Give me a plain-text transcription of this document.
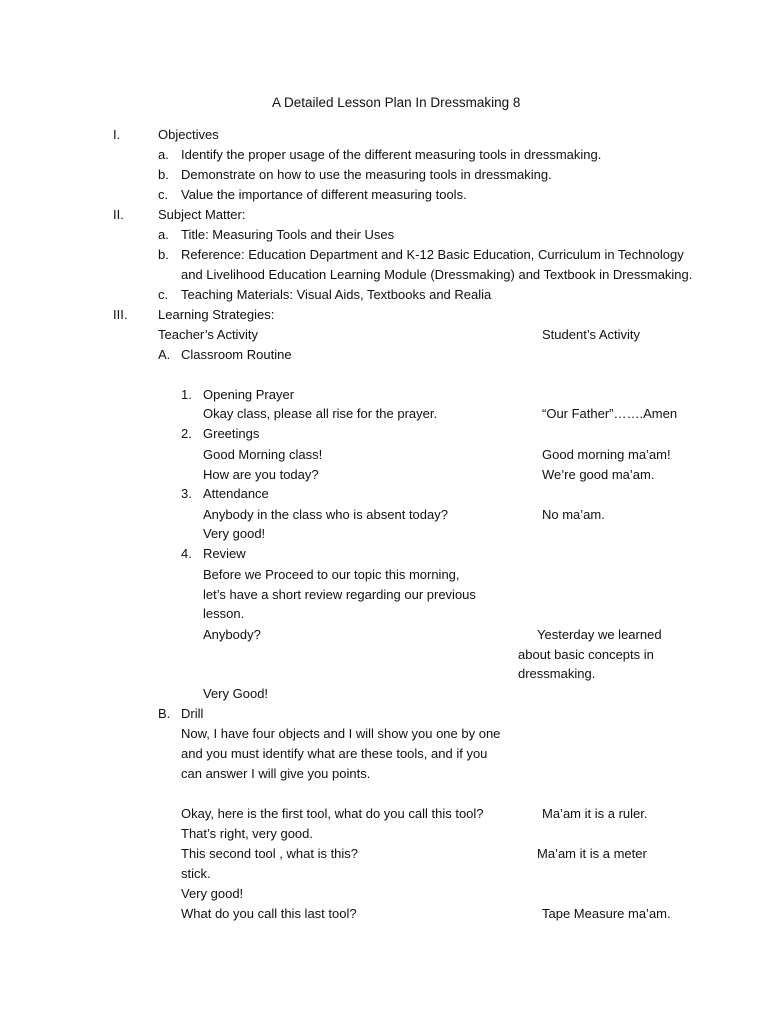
A Detailed Lesson Plan In Dressmaking 8
I.	Objectives
a. Identify the proper usage of the different measuring tools in dressmaking.
b. Demonstrate on how to use the measuring tools in dressmaking.
c. Value the importance of different measuring tools.
II.	Subject Matter:
a. Title: Measuring Tools and their Uses
b. Reference: Education Department and K-12 Basic Education, Curriculum in Technology
and Livelihood Education Learning Module (Dressmaking) and Textbook in Dressmaking.
c. Teaching Materials: Visual Aids, Textbooks and Realia
III. Learning Strategies:
Teacher’s Activity	Student’s Activity
A. Classroom Routine
1. Opening Prayer
Okay class, please all rise for the prayer.	“Our Father”…….Amen
2. Greetings
Good Morning class!	Good morning ma’am!
How are you today?	We’re good ma’am.
3. Attendance
Anybody in the class who is absent today?	No ma’am.
Very good!
4. Review
Before we Proceed to our topic this morning,
let’s have a short review regarding our previous
lesson.
Anybody?	Yesterday we learned
about basic concepts in
dressmaking.
Very Good!
B. Drill
Now, I have four objects and I will show you one by one
and you must identify what are these tools, and if you
can answer I will give you points.
Okay, here is the first tool, what do you call this tool?	Ma’am it is a ruler.
That’s right, very good.
This second tool , what is this?	Ma’am it is a meter
stick.
Very good!
What do you call this last tool?	Tape Measure ma’am.
